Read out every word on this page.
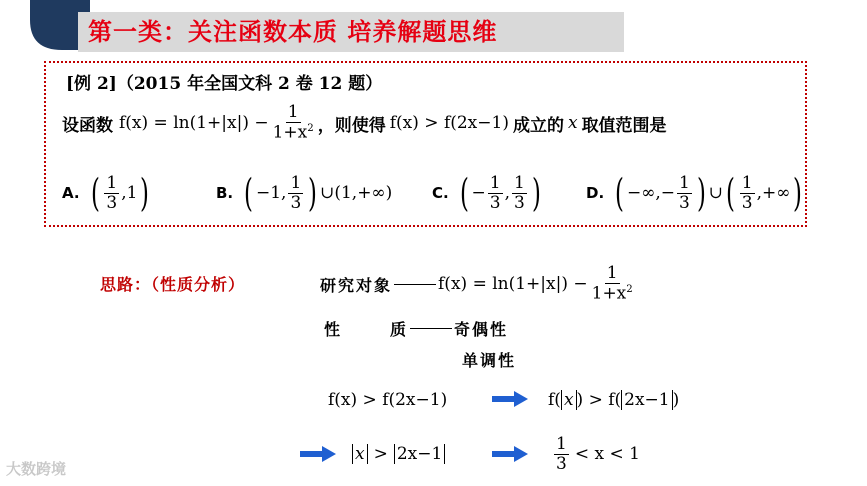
第一类：关注函数本质 培养解题思维
[例 2]（2015 年全国文科 2 卷 12 题）
设函数 $f(x) = \ln(1+|x|) - \frac{1}{1+x^2}$ ，则使得 f(x) > f(2x−1) 成立的 x 取值范围是
A. ( $\frac{1}{3} ,1$ )	B. ( −1, $\frac{1}{3}$ ) ∪(1,+∞)	C. ( − $\frac{1}{3}$ , $\frac{1}{3}$ )	D. ( −∞,− $\frac{1}{3}$ ) ∪ ( $\frac{1}{3}$ ,+∞ )
思路：（性质分析）	研究对象	$f(x) = \ln(1+|x|) - \frac{1}{1+x^2}$
性	质	奇偶性
单调性
f(x) > f(2x−1)	f( x ) > f( 2x−1 )
x > 2x−1	$\frac{1}{3} < x < 1$
大数跨境
